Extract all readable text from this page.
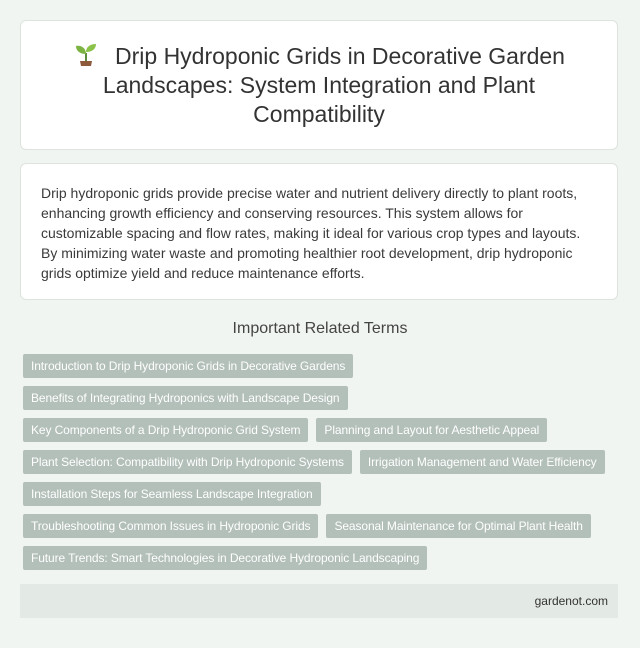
Drip Hydroponic Grids in Decorative Garden Landscapes: System Integration and Plant Compatibility

Drip hydroponic grids provide precise water and nutrient delivery directly to plant roots, enhancing growth efficiency and conserving resources. This system allows for customizable spacing and flow rates, making it ideal for various crop types and layouts. By minimizing water waste and promoting healthier root development, drip hydroponic grids optimize yield and reduce maintenance efforts.

Important Related Terms
Introduction to Drip Hydroponic Grids in Decorative Gardens
Benefits of Integrating Hydroponics with Landscape Design
Key Components of a Drip Hydroponic Grid System	Planning and Layout for Aesthetic Appeal
Plant Selection: Compatibility with Drip Hydroponic Systems	Irrigation Management and Water Efficiency
Installation Steps for Seamless Landscape Integration
Troubleshooting Common Issues in Hydroponic Grids	Seasonal Maintenance for Optimal Plant Health
Future Trends: Smart Technologies in Decorative Hydroponic Landscaping
gardenot.com
